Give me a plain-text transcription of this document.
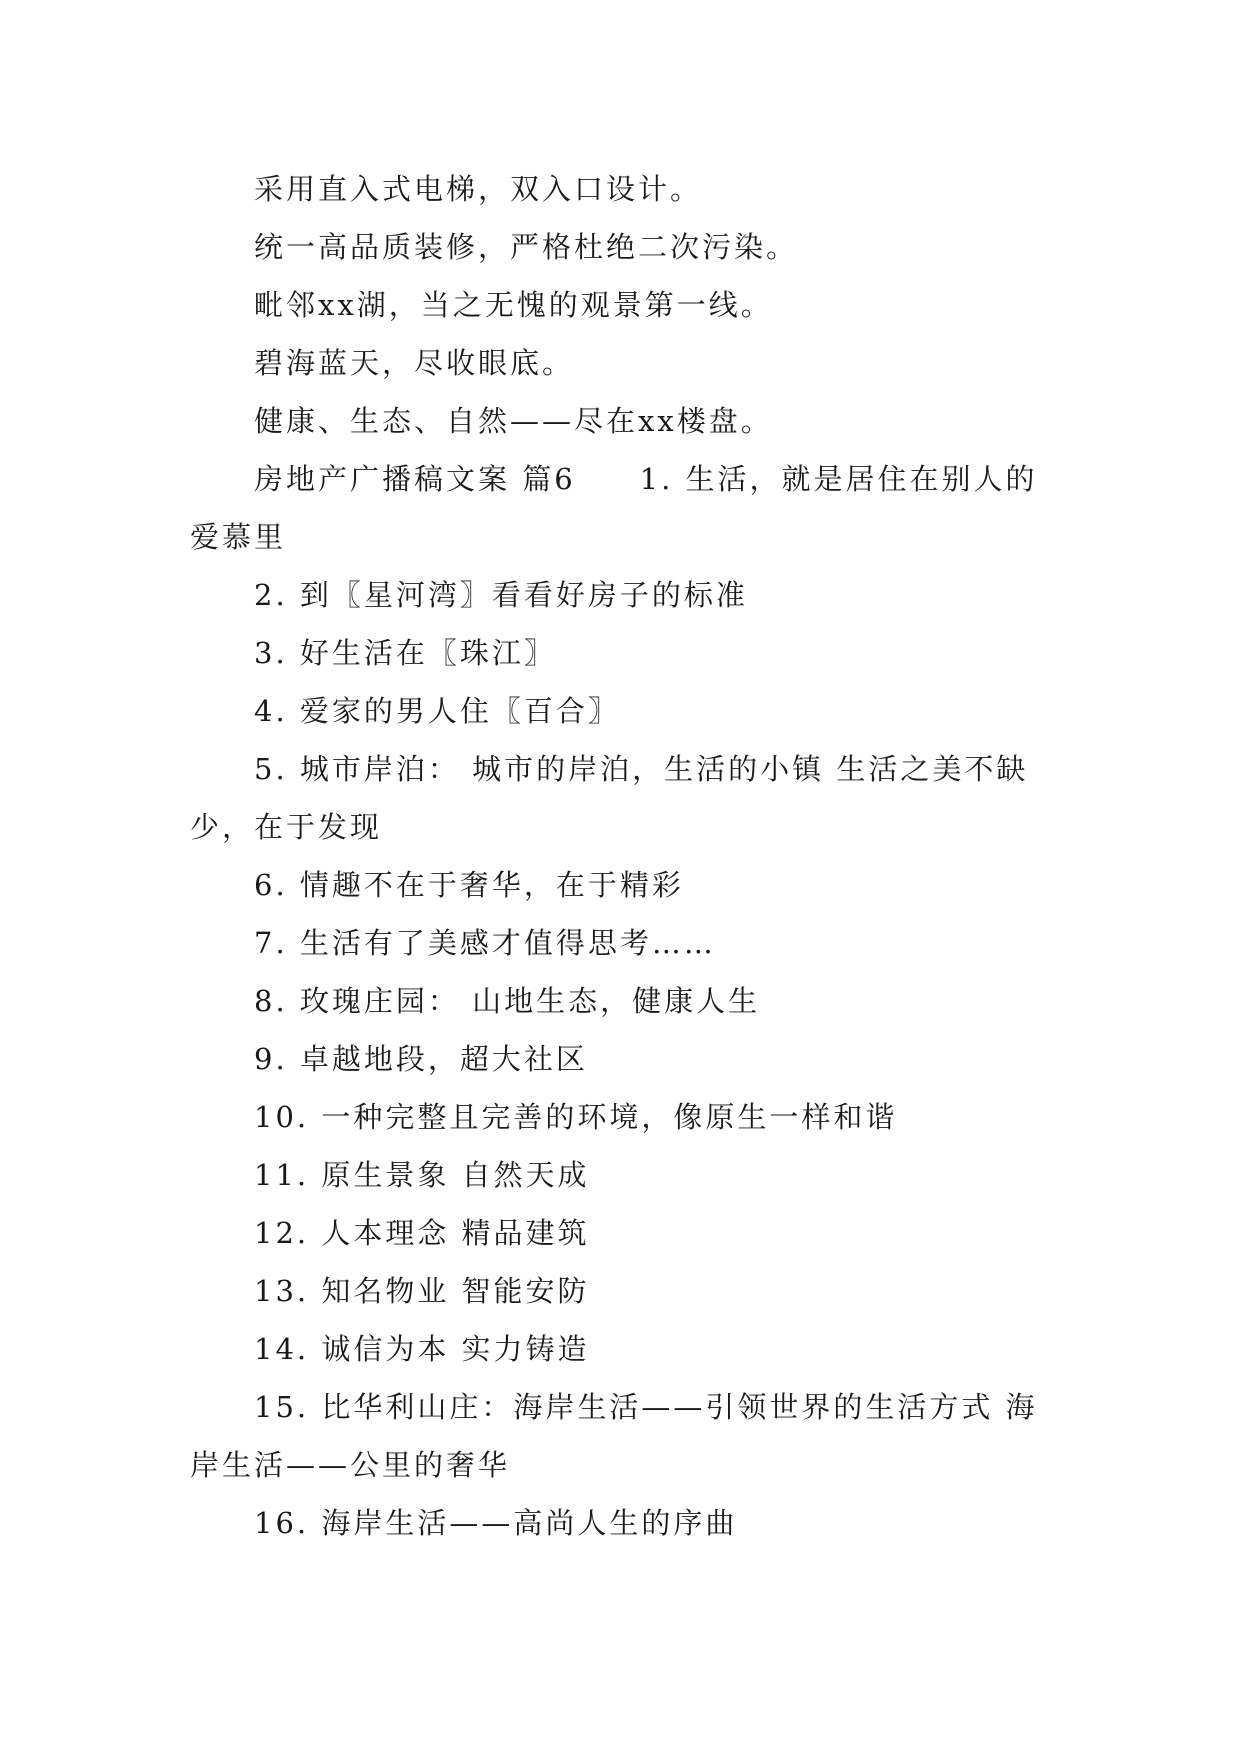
采用直入式电梯，双入口设计。

统一高品质装修，严格杜绝二次污染。

毗邻xx湖，当之无愧的观景第一线。

碧海蓝天，尽收眼底。

健康、生态、自然——尽在xx楼盘。

房地产广播稿文案 篇6　　1. 生活，就是居住在别人的爱慕里

2. 到〖星河湾〗看看好房子的标准

3. 好生活在〖珠江〗

4. 爱家的男人住〖百合〗

5. 城市岸泊： 城市的岸泊，生活的小镇 生活之美不缺少，在于发现

6. 情趣不在于奢华，在于精彩

7. 生活有了美感才值得思考……

8. 玫瑰庄园： 山地生态，健康人生

9. 卓越地段，超大社区

10. 一种完整且完善的环境，像原生一样和谐

11. 原生景象 自然天成

12. 人本理念 精品建筑

13. 知名物业 智能安防

14. 诚信为本 实力铸造

15. 比华利山庄：海岸生活——引领世界的生活方式 海岸生活——公里的奢华

16. 海岸生活——高尚人生的序曲
